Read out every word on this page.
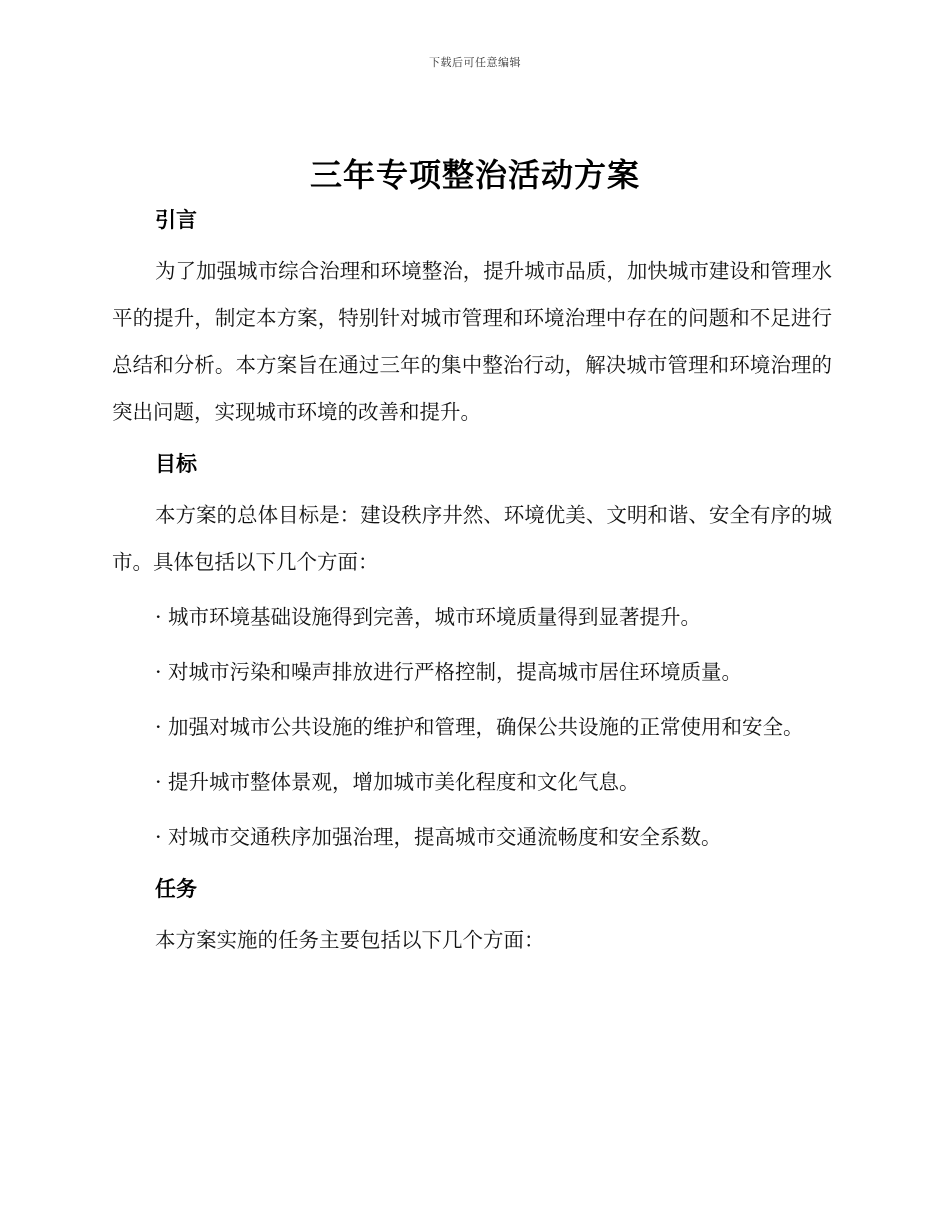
下载后可任意编辑
三年专项整治活动方案
引言

为了加强城市综合治理和环境整治，提升城市品质，加快城市建设和管理水平的提升，制定本方案，特别针对城市管理和环境治理中存在的问题和不足进行总结和分析。本方案旨在通过三年的集中整治行动，解决城市管理和环境治理的突出问题，实现城市环境的改善和提升。

目标

本方案的总体目标是：建设秩序井然、环境优美、文明和谐、安全有序的城市。具体包括以下几个方面：

· 城市环境基础设施得到完善，城市环境质量得到显著提升。

· 对城市污染和噪声排放进行严格控制，提高城市居住环境质量。

· 加强对城市公共设施的维护和管理，确保公共设施的正常使用和安全。

· 提升城市整体景观，增加城市美化程度和文化气息。

· 对城市交通秩序加强治理，提高城市交通流畅度和安全系数。

任务

本方案实施的任务主要包括以下几个方面：
